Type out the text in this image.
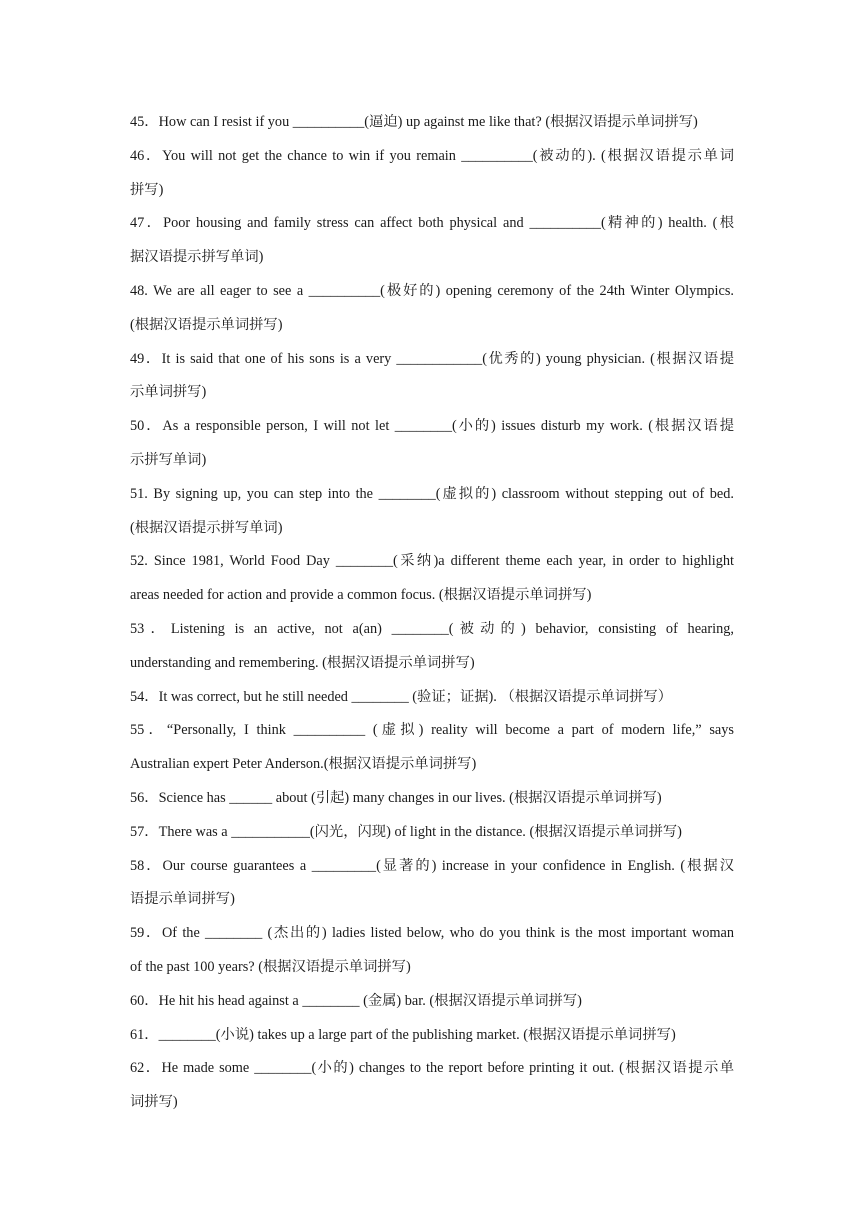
45．How can I resist if you __________(逼迫) up against me like that? (根据汉语提示单词拼写)
46．You will not get the chance to win if you remain __________(被动的). (根据汉语提示单词
拼写)
47．Poor housing and family stress can affect both physical and __________(精神的) health. (根
据汉语提示拼写单词)
48. We are all eager to see a __________(极好的) opening ceremony of the 24th Winter Olympics.
(根据汉语提示单词拼写)
49．It is said that one of his sons is a very ____________(优秀的) young physician. (根据汉语提
示单词拼写)
50．As a responsible person, I will not let ________(小的) issues disturb my work. (根据汉语提
示拼写单词)
51. By signing up, you can step into the ________(虚拟的) classroom without stepping out of bed.
(根据汉语提示拼写单词)
52. Since 1981, World Food Day ________(采纳)a different theme each year, in order to highlight
areas needed for action and provide a common focus. (根据汉语提示单词拼写)
53．Listening is an active, not a(an) ________(被动的) behavior, consisting of hearing,
understanding and remembering. (根据汉语提示单词拼写)
54．It was correct, but he still needed ________ (验证；证据). （根据汉语提示单词拼写）
55．“Personally, I think __________ (虚拟) reality will become a part of modern life,” says
Australian expert Peter Anderson.(根据汉语提示单词拼写)
56．Science has ______ about (引起) many changes in our lives. (根据汉语提示单词拼写)
57．There was a ___________(闪光，闪现) of light in the distance. (根据汉语提示单词拼写)
58．Our course guarantees a _________(显著的) increase in your confidence in English. (根据汉
语提示单词拼写)
59．Of the ________ (杰出的) ladies listed below, who do you think is the most important woman
of the past 100 years? (根据汉语提示单词拼写)
60．He hit his head against a ________ (金属) bar. (根据汉语提示单词拼写)
61．________(小说) takes up a large part of the publishing market. (根据汉语提示单词拼写)
62．He made some ________(小的) changes to the report before printing it out. (根据汉语提示单
词拼写)
